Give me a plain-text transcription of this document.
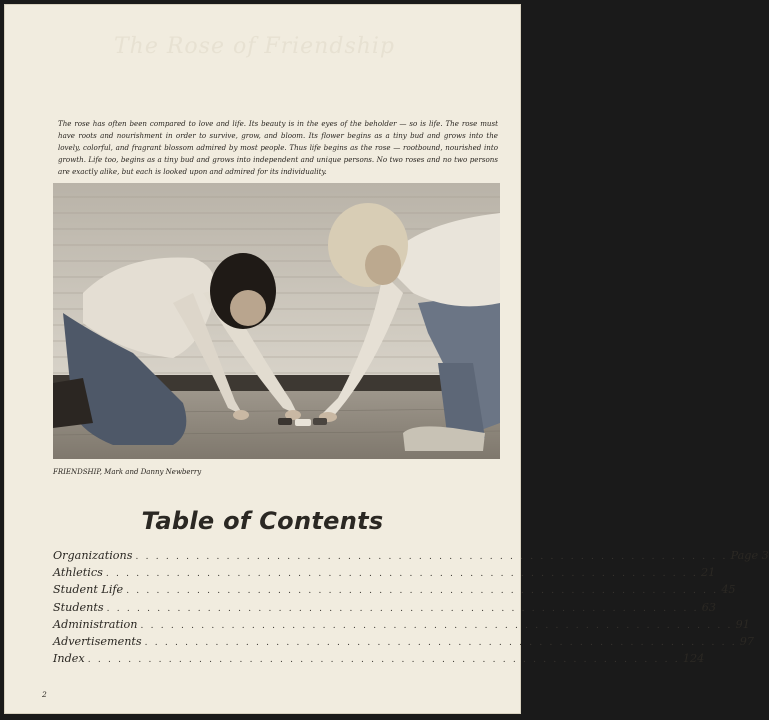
The Rose of Friendship

The rose has often been compared to love and life. Its beauty is in the eyes of the beholder — so is life. The rose must have roots and nourishment in order to survive, grow, and bloom. Its flower begins as a tiny bud and grows into the lovely, colorful, and fragrant blossom admired by most people. Thus life begins as the rose — rootbound, nourished into growth. Life too, begins as a tiny bud and grows into independent and unique persons. No two roses and no two persons are exactly alike, but each is looked upon and admired for its individuality.

FRIENDSHIP, Mark and Danny Newberry
Table of Contents
Organizations . . . . . . . . . . . . . . . . . . . . . . . . . . . . . . . . . . . . . . . . . . . . . . . . . . . . . . . . . . . Page 3
Athletics . . . . . . . . . . . . . . . . . . . . . . . . . . . . . . . . . . . . . . . . . . . . . . . . . . . . . . . . . . . 21
Student Life . . . . . . . . . . . . . . . . . . . . . . . . . . . . . . . . . . . . . . . . . . . . . . . . . . . . . . . . . . . 45
Students . . . . . . . . . . . . . . . . . . . . . . . . . . . . . . . . . . . . . . . . . . . . . . . . . . . . . . . . . . . 63
Administration . . . . . . . . . . . . . . . . . . . . . . . . . . . . . . . . . . . . . . . . . . . . . . . . . . . . . . . . . . . 91
Advertisements . . . . . . . . . . . . . . . . . . . . . . . . . . . . . . . . . . . . . . . . . . . . . . . . . . . . . . . . . . . 97
Index . . . . . . . . . . . . . . . . . . . . . . . . . . . . . . . . . . . . . . . . . . . . . . . . . . . . . . . . . . . 124
2
